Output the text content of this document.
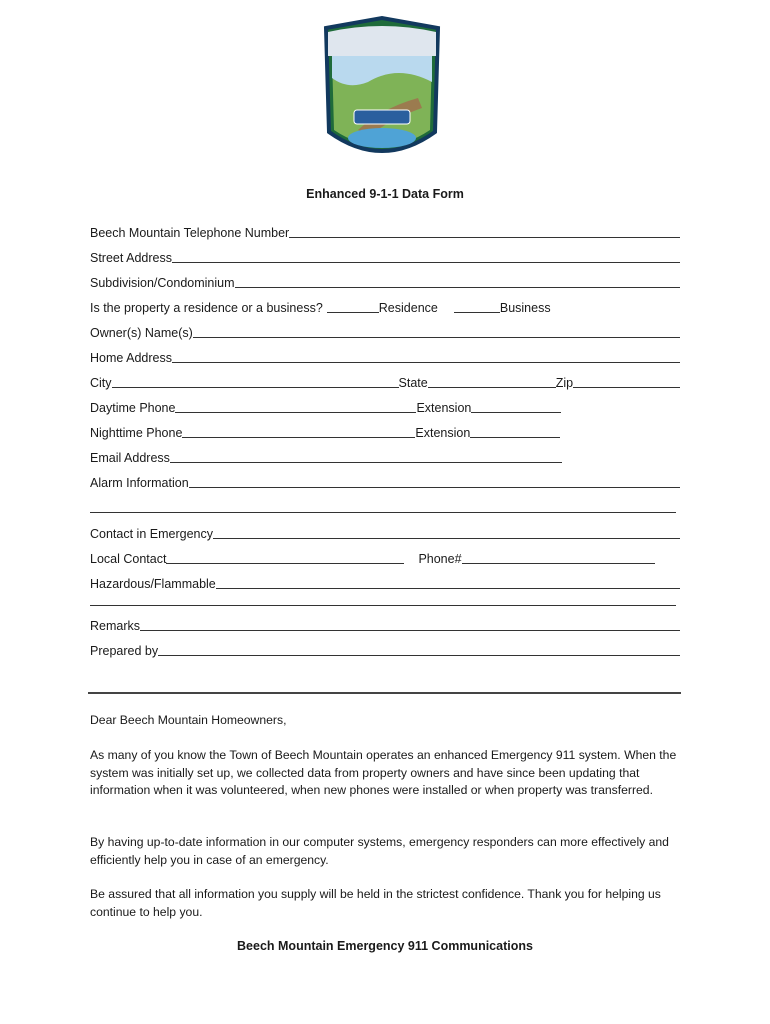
Enhanced 9-1-1 Data Form
Beech Mountain Telephone Number
Street Address
Subdivision/Condominium
Is the property a residence or a business?	Residence	Business
Owner(s) Name(s)
Home Address
City	State	Zip
Daytime Phone	Extension
Nighttime Phone	Extension
Email Address
Alarm Information
Contact in Emergency
Local Contact	Phone#
Hazardous/Flammable
Remarks
Prepared by
Dear Beech Mountain Homeowners,
As many of you know the Town of Beech Mountain operates an enhanced Emergency 911 system. When the system was initially set up, we collected data from property owners and have since been updating that information when it was volunteered, when new phones were installed or when property was transferred.
By having up-to-date information in our computer systems, emergency responders can more effectively and efficiently help you in case of an emergency.
Be assured that all information you supply will be held in the strictest confidence. Thank you for helping us continue to help you.
Beech Mountain Emergency 911 Communications
